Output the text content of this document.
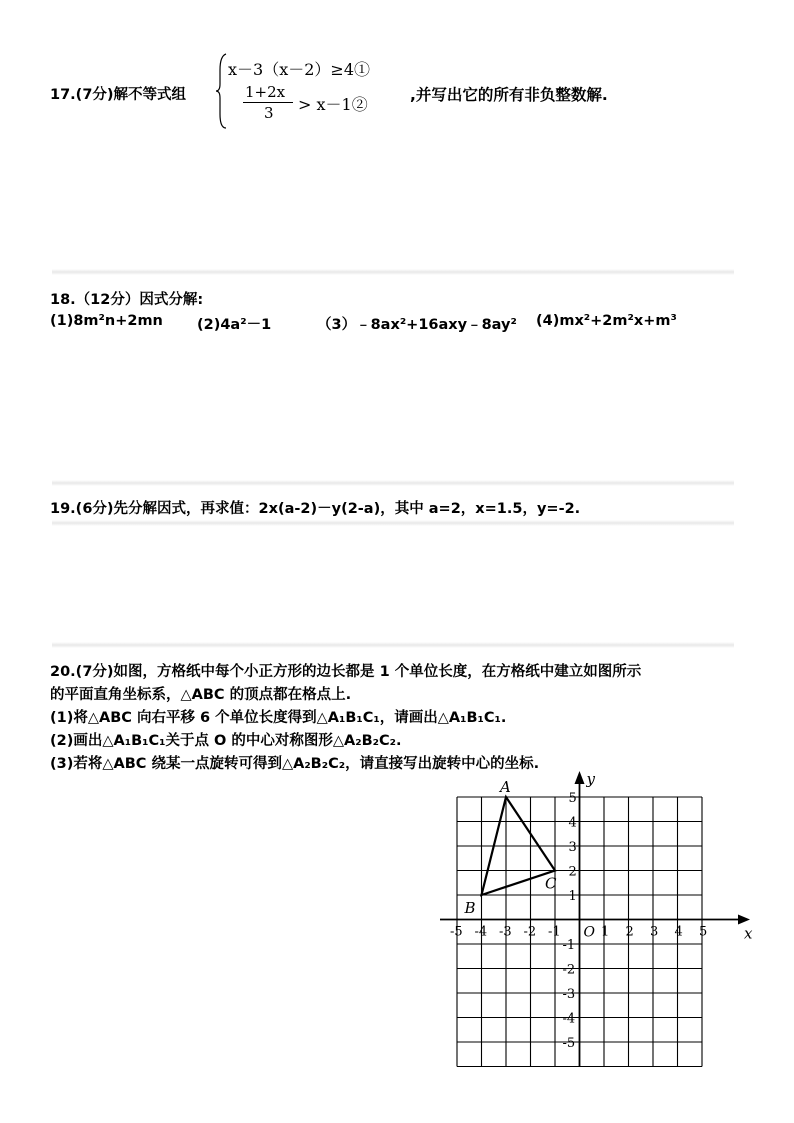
17.(7分)解不等式组
x－3（x－2）≥4①
1+2x
3 > x－1②	,并写出它的所有非负整数解.
18.（12分）因式分解:
(1)8m²n+2mn (2)4a²－1	（3）﹣8ax²+16axy﹣8ay² (4)mx²+2m²x+m³
19.(6分)先分解因式，再求值：2x(a-2)－y(2-a)，其中 a=2，x=1.5，y=-2.
20.(7分)如图，方格纸中每个小正方形的边长都是 1 个单位长度，在方格纸中建立如图所示
的平面直角坐标系，△ABC 的顶点都在格点上.
(1)将△ABC 向右平移 6 个单位长度得到△A₁B₁C₁，请画出△A₁B₁C₁.
(2)画出△A₁B₁C₁关于点 O 的中心对称图形△A₂B₂C₂.
(3)若将△ABC 绕某一点旋转可得到△A₂B₂C₂，请直接写出旋转中心的坐标.
x
y
O
-5 -4 -3 -2 -1	1 2 3 4 5
5
4
3
2
1
-1
-2
-3
-4
-5
A
B
C
